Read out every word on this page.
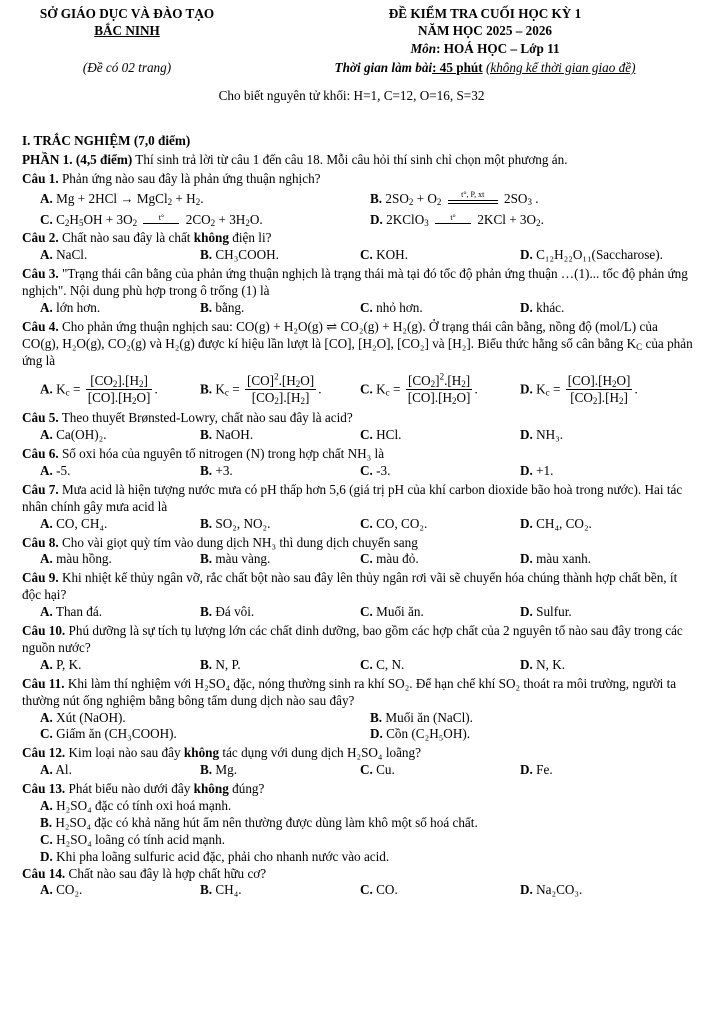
SỞ GIÁO DỤC VÀ ĐÀO TẠO
BẮC NINH
(Đề có 02 trang)
ĐỀ KIỂM TRA CUỐI HỌC KỲ 1
NĂM HỌC 2025 – 2026
Môn: HOÁ HỌC – Lớp 11
Thời gian làm bài: 45 phút (không kể thời gian giao đề)
Cho biết nguyên tử khối: H=1, C=12, O=16, S=32
I. TRẮC NGHIỆM (7,0 điểm)
PHẦN 1. (4,5 điểm) Thí sinh trả lời từ câu 1 đến câu 18. Mỗi câu hỏi thí sinh chỉ chọn một phương án.
Câu 1. Phản ứng nào sau đây là phản ứng thuận nghịch?
A. Mg + 2HCl → MgCl$_2$ + $H_2$.	B. $2SO_2 + O_2$ t°, P, xt $2SO_3$ .
C. $C_2H_5OH + 3O_2$ t° $2CO_2 + 3H_2O$.	D. 2KClO$_3$ t° $2KCl + 3O_2$.
Câu 2. Chất nào sau đây là chất không điện li?
A. NaCl.	B. CH₃COOH.	C. KOH.	D. C₁₂H₂₂O₁₁(Saccharose).
Câu 3. "Trạng thái cân bằng của phản ứng thuận nghịch là trạng thái mà tại đó tốc độ phản ứng thuận …(1)... tốc độ phản ứng nghịch". Nội dung phù hợp trong ô trống (1) là
A. lớn hơn.	B. bằng.	C. nhỏ hơn.	D. khác.
Câu 4. Cho phản ứng thuận nghịch sau: CO(g) + H₂O(g) ⇌ CO₂(g) + H₂(g). Ở trạng thái cân bằng, nồng độ (mol/L) của CO(g), H₂O(g), CO₂(g) và H₂(g) được kí hiệu lần lượt là [CO], [H₂O], [CO₂] và [H₂]. Biểu thức hằng số cân bằng $K_C$ của phản ứng là
A. $K_c = \frac{[CO_2].[H_2]}{[CO].[H_2O]}$ .	B. $K_c = \frac{[CO]^2.[H_2O]}{[CO_2].[H_2]}$ .	C. $K_c = \frac{[CO_2]^2.[H_2]}{[CO].[H_2O]}$ .	D. $K_c = \frac{[CO].[H_2O]}{[CO_2].[H_2]}$ .
Câu 5. Theo thuyết Brønsted-Lowry, chất nào sau đây là acid?
A. Ca(OH)₂.	B. NaOH.	C. HCl.	D. NH₃.
Câu 6. Số oxi hóa của nguyên tố nitrogen (N) trong hợp chất NH₃ là
A. -5.	B. +3.	C. -3.	D. +1.
Câu 7. Mưa acid là hiện tượng nước mưa có pH thấp hơn 5,6 (giá trị pH của khí carbon dioxide bão hoà trong nước). Hai tác nhân chính gây mưa acid là
A. CO, CH₄.	B. SO₂, NO₂.	C. CO, CO₂.	D. CH₄, CO₂.
Câu 8. Cho vài giọt quỳ tím vào dung dịch NH₃ thì dung dịch chuyển sang
A. màu hồng.	B. màu vàng.	C. màu đỏ.	D. màu xanh.
Câu 9. Khi nhiệt kế thủy ngân vỡ, rắc chất bột nào sau đây lên thủy ngân rơi vãi sẽ chuyển hóa chúng thành hợp chất bền, ít độc hại?
A. Than đá.	B. Đá vôi.	C. Muối ăn.	D. Sulfur.
Câu 10. Phú dưỡng là sự tích tụ lượng lớn các chất dinh dưỡng, bao gồm các hợp chất của 2 nguyên tố nào sau đây trong các nguồn nước?
A. P, K.	B. N, P.	C. C, N.	D. N, K.
Câu 11. Khi làm thí nghiệm với H₂SO₄ đặc, nóng thường sinh ra khí SO₂. Để hạn chế khí SO₂ thoát ra môi trường, người ta thường nút ống nghiệm bằng bông tẩm dung dịch nào sau đây?
A. Xút (NaOH).	B. Muối ăn (NaCl).
C. Giấm ăn (CH₃COOH).	D. Cồn (C₂H₅OH).
Câu 12. Kim loại nào sau đây không tác dụng với dung dịch H₂SO₄ loãng?
A. Al.	B. Mg.	C. Cu.	D. Fe.
Câu 13. Phát biểu nào dưới đây không đúng?
A. H₂SO₄ đặc có tính oxi hoá mạnh.
B. H₂SO₄ đặc có khả năng hút ẩm nên thường được dùng làm khô một số hoá chất.
C. H₂SO₄ loãng có tính acid mạnh.
D. Khi pha loãng sulfuric acid đặc, phải cho nhanh nước vào acid.
Câu 14. Chất nào sau đây là hợp chất hữu cơ?
A. CO₂.	B. CH₄.	C. CO.	D. Na₂CO₃.
